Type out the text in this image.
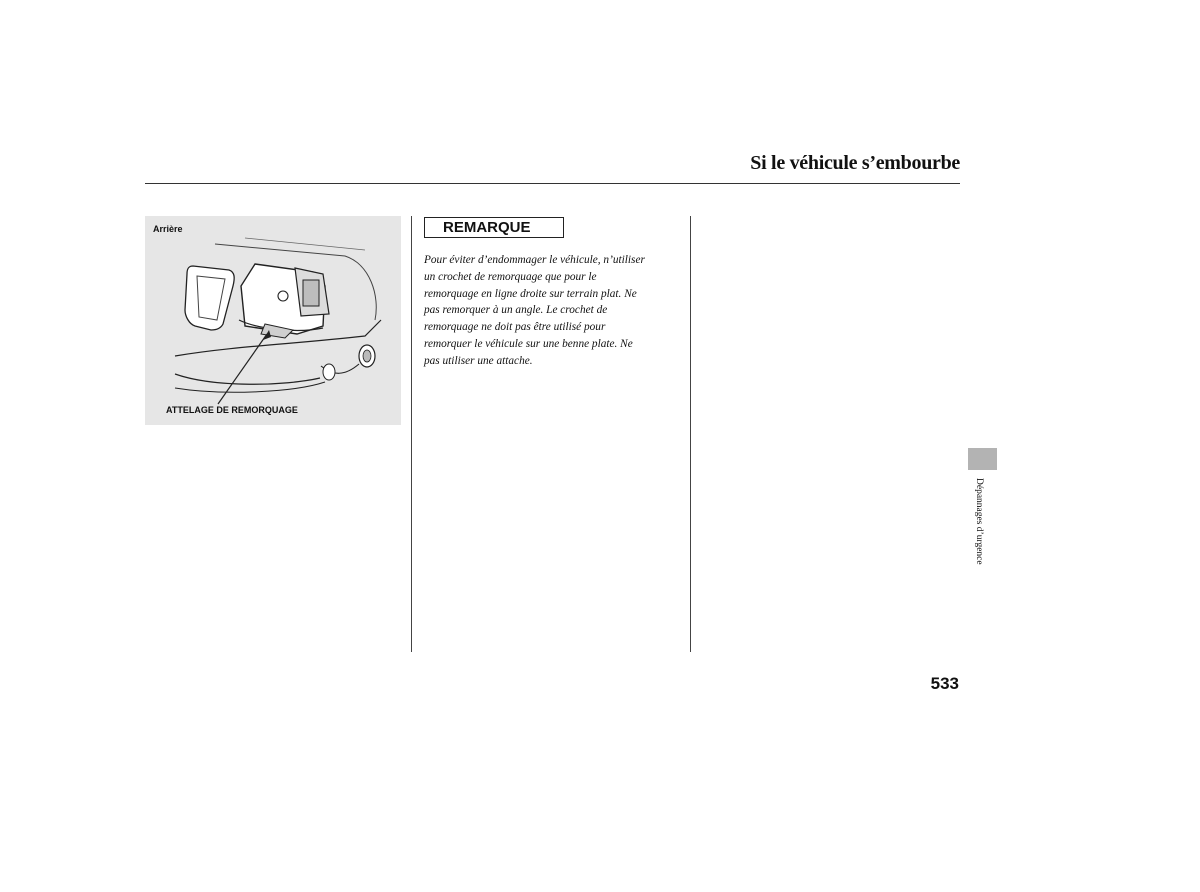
Si le véhicule s’embourbe
Arrière
ATTELAGE DE REMORQUAGE
REMARQUE
Pour éviter d’endommager le véhicule, n’utiliser
un crochet de remorquage que pour le
remorquage en ligne droite sur terrain plat. Ne
pas remorquer à un angle. Le crochet de
remorquage ne doit pas être utilisé pour
remorquer le véhicule sur une benne plate. Ne
pas utiliser une attache.
Dépannages d’urgence
533
